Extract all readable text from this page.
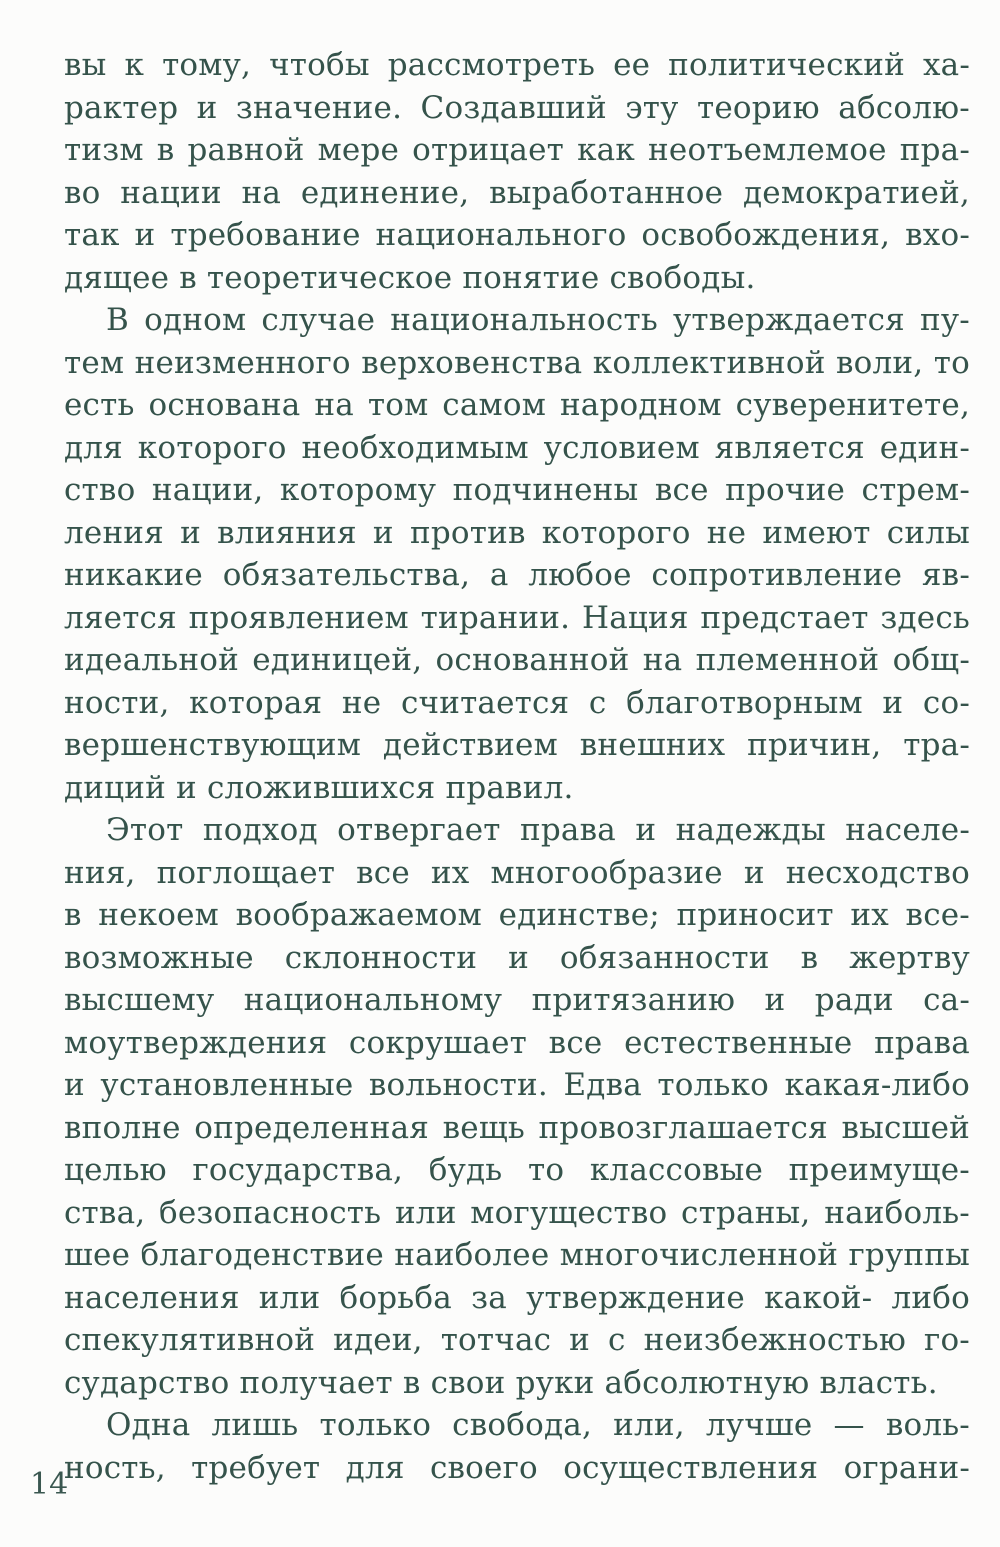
вы к тому, чтобы рассмотреть ее политический ха-
рактер и значение. Создавший эту теорию абсолю-
тизм в равной мере отрицает как неотъемлемое пра-
во нации на единение, выработанное демократией,
так и требование национального освобождения, вхо-
дящее в теоретическое понятие свободы.
В одном случае национальность утверждается пу-
тем неизменного верховенства коллективной воли, то
есть основана на том самом народном суверенитете,
для которого необходимым условием является един-
ство нации, которому подчинены все прочие стрем-
ления и влияния и против которого не имеют силы
никакие обязательства, а любое сопротивление яв-
ляется проявлением тирании. Нация предстает здесь
идеальной единицей, основанной на племенной общ-
ности, которая не считается с благотворным и со-
вершенствующим действием внешних причин, тра-
диций и сложившихся правил.
Этот подход отвергает права и надежды населе-
ния, поглощает все их многообразие и несходство
в некоем воображаемом единстве; приносит их все-
возможные склонности и обязанности в жертву
высшему национальному притязанию и ради са-
моутверждения сокрушает все естественные права
и установленные вольности. Едва только какая-либо
вполне определенная вещь провозглашается высшей
целью государства, будь то классовые преимуще-
ства, безопасность или могущество страны, наиболь-
шее благоденствие наиболее многочисленной группы
населения или борьба за утверждение какой- либо
спекулятивной идеи, тотчас и с неизбежностью го-
сударство получает в свои руки абсолютную власть.
Одна лишь только свобода, или, лучше — воль-
ность, требует для своего осуществления ограни-
14
